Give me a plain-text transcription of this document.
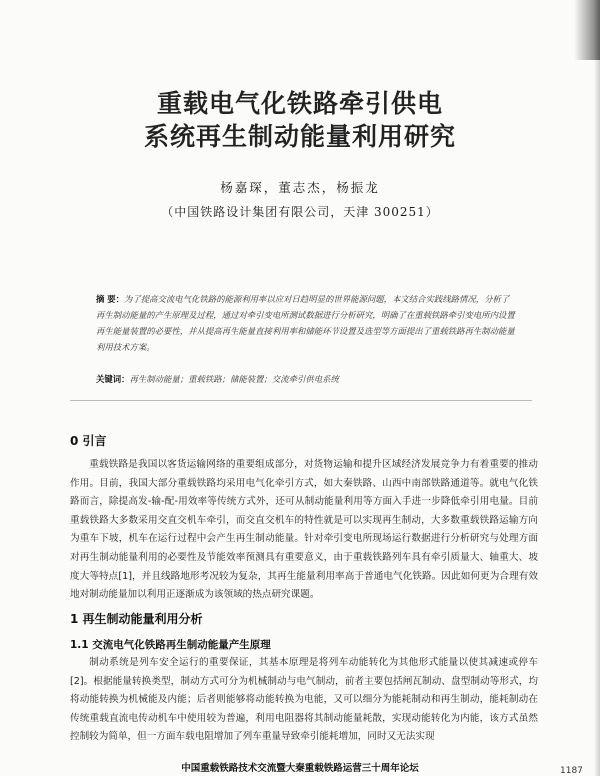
重载电气化铁路牵引供电
系统再生制动能量利用研究
杨嘉琛，董志杰，杨振龙
（中国铁路设计集团有限公司，天津 300251）
摘 要：为了提高交流电气化铁路的能源利用率以应对日趋明显的世界能源问题，本文结合实践线路情况，分析了再生制动能量的产生原理及过程，通过对牵引变电所测试数据进行分析研究，明确了在重载铁路牵引变电所内设置再生能量装置的必要性，并从提高再生能量直接利用率和储能环节设置及选型等方面提出了重载铁路再生制动能量利用技术方案。
关键词：再生制动能量；重载铁路；储能装置；交流牵引供电系统
0 引言
重载铁路是我国以客货运输网络的重要组成部分，对货物运输和提升区域经济发展竞争力有着重要的推动作用。目前，我国大部分重载铁路均采用电气化牵引方式，如大秦铁路、山西中南部铁路通道等。就电气化铁路而言，除提高发-输-配-用效率等传统方式外，还可从制动能量利用等方面入手进一步降低牵引用电量。目前重载铁路大多数采用交直交机车牵引，而交直交机车的特性就是可以实现再生制动，大多数重载铁路运输方向为重车下坡，机车在运行过程中会产生再生制动能量。针对牵引变电所现场运行数据进行分析研究与处理方面对再生制动能量利用的必要性及节能效率预测具有重要意义，由于重载铁路列车具有牵引质量大、轴重大、坡度大等特点[1]，并且线路地形考况较为复杂，其再生能量利用率高于普通电气化铁路。因此如何更为合理有效地对制动能量加以利用正逐渐成为该领域的热点研究课题。
1 再生制动能量利用分析
1.1 交流电气化铁路再生制动能量产生原理
制动系统是列车安全运行的重要保证，其基本原理是将列车动能转化为其他形式能量以使其减速或停车[2]。根据能量转换类型，制动方式可分为机械制动与电气制动，前者主要包括闸瓦制动、盘型制动等形式，均将动能转换为机械能及内能；后者则能够将动能转换为电能，又可以细分为能耗制动和再生制动，能耗制动在传统重载直流电传动机车中使用较为普遍，利用电阻器将其制动能量耗散，实现动能转化为内能，该方式虽然控制较为简单，但一方面车载电阻增加了列车重量导致牵引能耗增加，同时又无法实现
中国重载铁路技术交流暨大秦重载铁路运营三十周年论坛	1187
